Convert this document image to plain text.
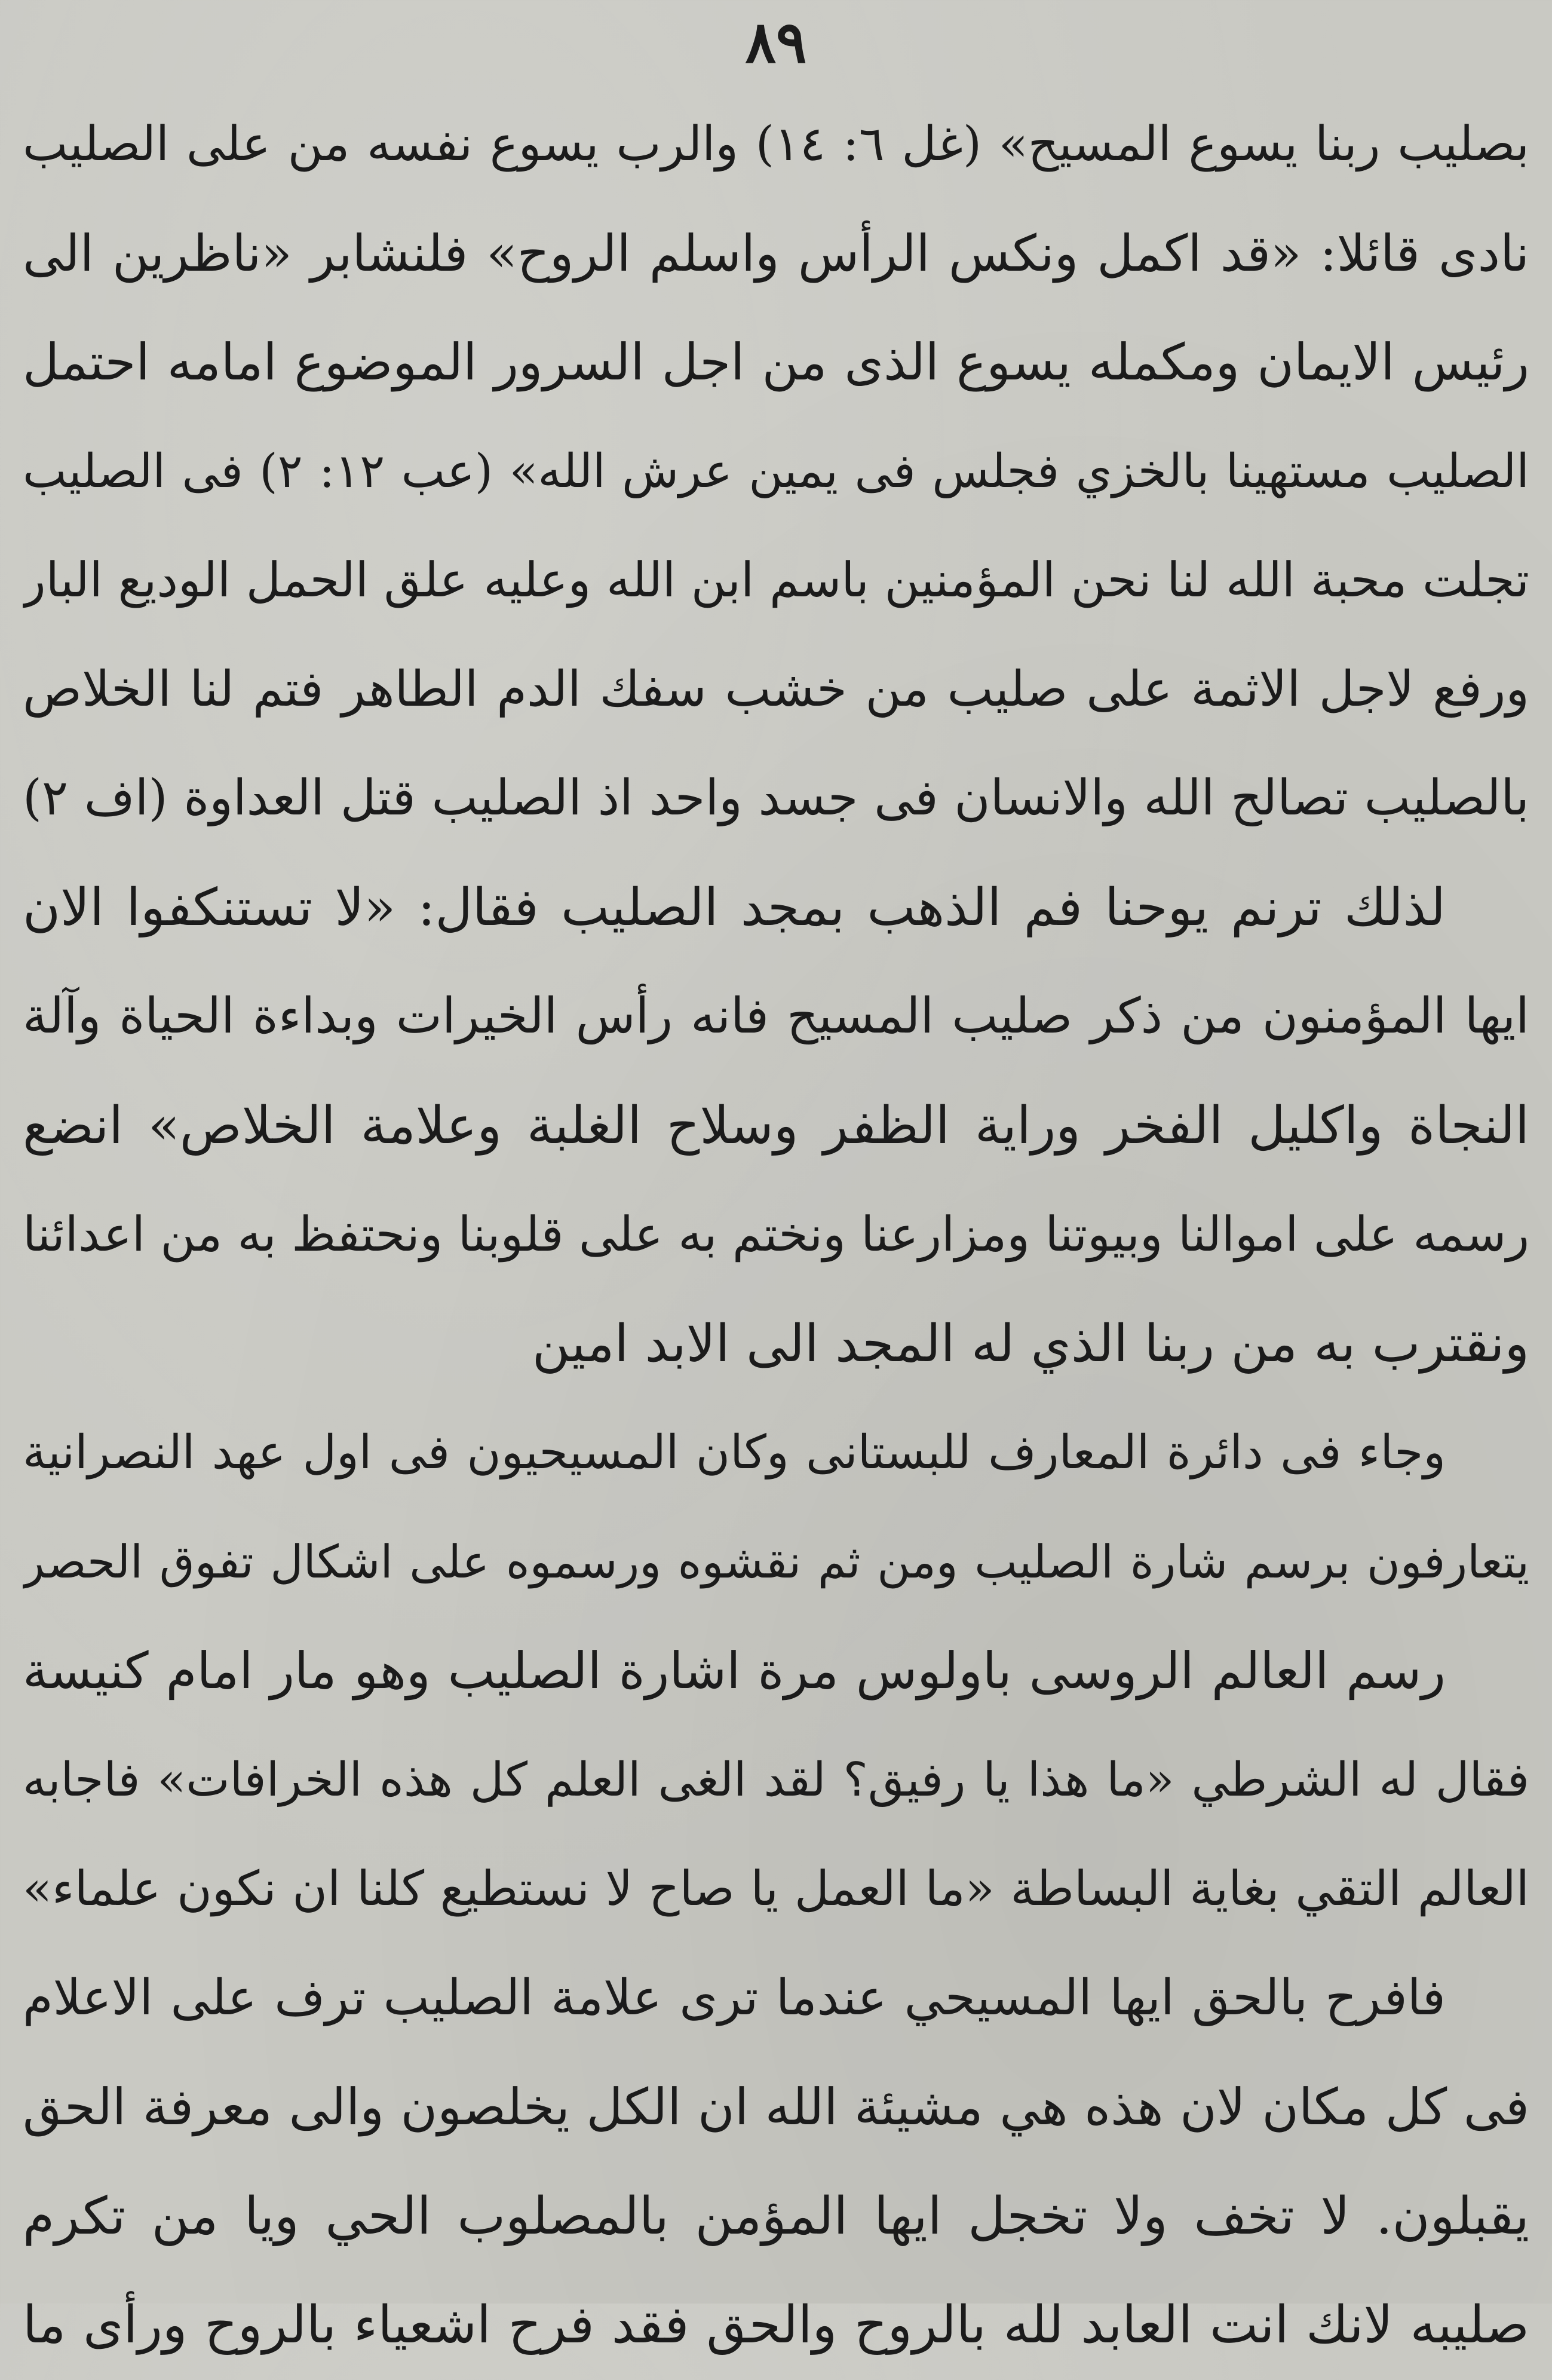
٨٩
بصليب ربنا يسوع المسيح» (غل ٦: ١٤) والرب يسوع نفسه من على الصليب
نادى قائلا: «قد اكمل ونكس الرأس واسلم الروح» فلنشابر «ناظرين الى
رئيس الايمان ومكمله يسوع الذى من اجل السرور الموضوع امامه احتمل
الصليب مستهينا بالخزي فجلس فى يمين عرش الله» (عب ١٢: ٢) فى الصليب
تجلت محبة الله لنا نحن المؤمنين باسم ابن الله وعليه علق الحمل الوديع البار
ورفع لاجل الاثمة على صليب من خشب سفك الدم الطاهر فتم لنا الخلاص
بالصليب تصالح الله والانسان فى جسد واحد اذ الصليب قتل العداوة (اف ٢)
لذلك ترنم يوحنا فم الذهب بمجد الصليب فقال: «لا تستنكفوا الان
ايها المؤمنون من ذكر صليب المسيح فانه رأس الخيرات وبداءة الحياة وآلة
النجاة واكليل الفخر وراية الظفر وسلاح الغلبة وعلامة الخلاص» انضع
رسمه على اموالنا وبيوتنا ومزارعنا ونختم به على قلوبنا ونحتفظ به من اعدائنا
ونقترب به من ربنا الذي له المجد الى الابد امين
وجاء فى دائرة المعارف للبستانى وكان المسيحيون فى اول عهد النصرانية
يتعارفون برسم شارة الصليب ومن ثم نقشوه ورسموه على اشكال تفوق الحصر
رسم العالم الروسى باولوس مرة اشارة الصليب وهو مار امام كنيسة
فقال له الشرطي «ما هذا يا رفيق؟ لقد الغى العلم كل هذه الخرافات» فاجابه
العالم التقي بغاية البساطة «ما العمل يا صاح لا نستطيع كلنا ان نكون علماء»
فافرح بالحق ايها المسيحي عندما ترى علامة الصليب ترف على الاعلام
فى كل مكان لان هذه هي مشيئة الله ان الكل يخلصون والى معرفة الحق
يقبلون. لا تخف ولا تخجل ايها المؤمن بالمصلوب الحي ويا من تكرم
صليبه لانك انت العابد لله بالروح والحق فقد فرح اشعياء بالروح ورأى ما
